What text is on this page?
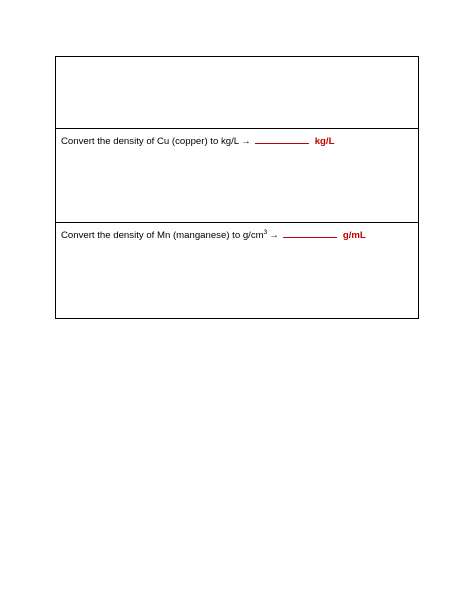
Convert the density of Cu (copper) to kg/L →	kg/L
Convert the density of Mn (manganese) to $g/cm^3$ →	g/mL
